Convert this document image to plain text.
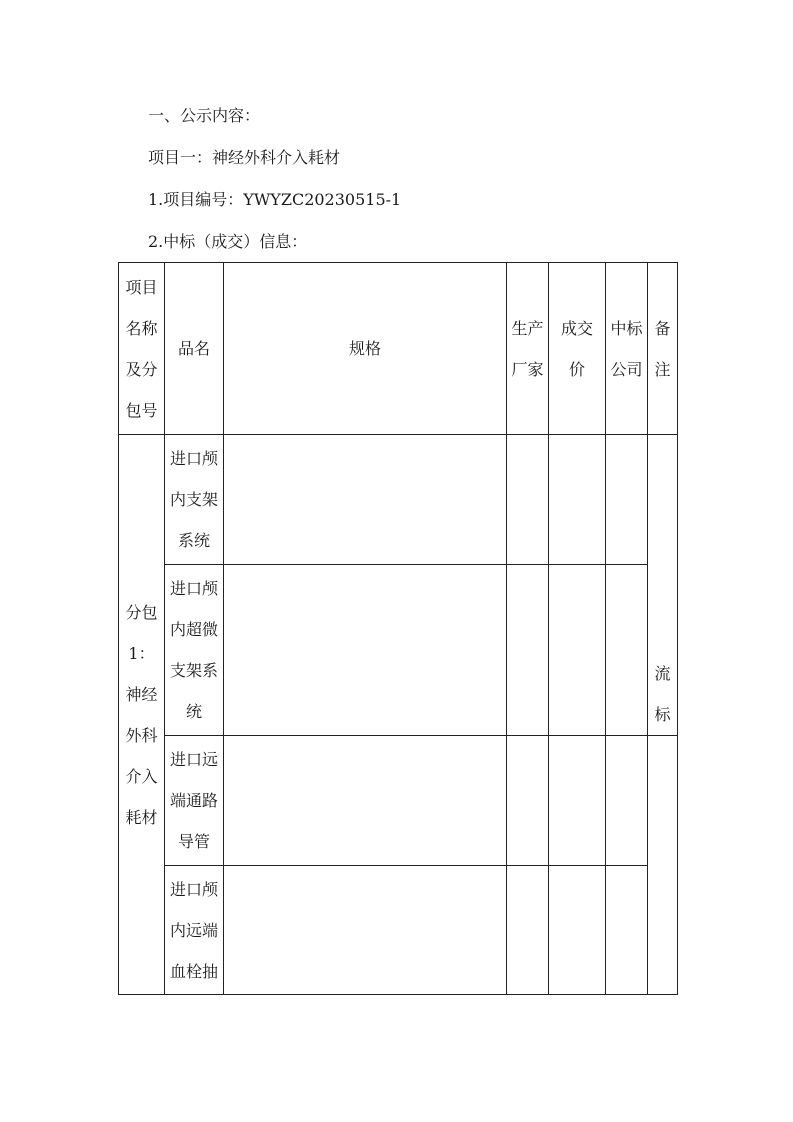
一、公示内容：
项目一：神经外科介入耗材
1.项目编号：YWYZC20230515-1
2.中标（成交）信息：
项目名称及分包号	品名	规格	生产厂家	成交价	中标公司	备注
分包1：神经外科介入耗材	进口颅内支架系统					流标
	进口颅内超微支架系统					
	进口远端通路导管					
	进口颅内远端血栓抽					
